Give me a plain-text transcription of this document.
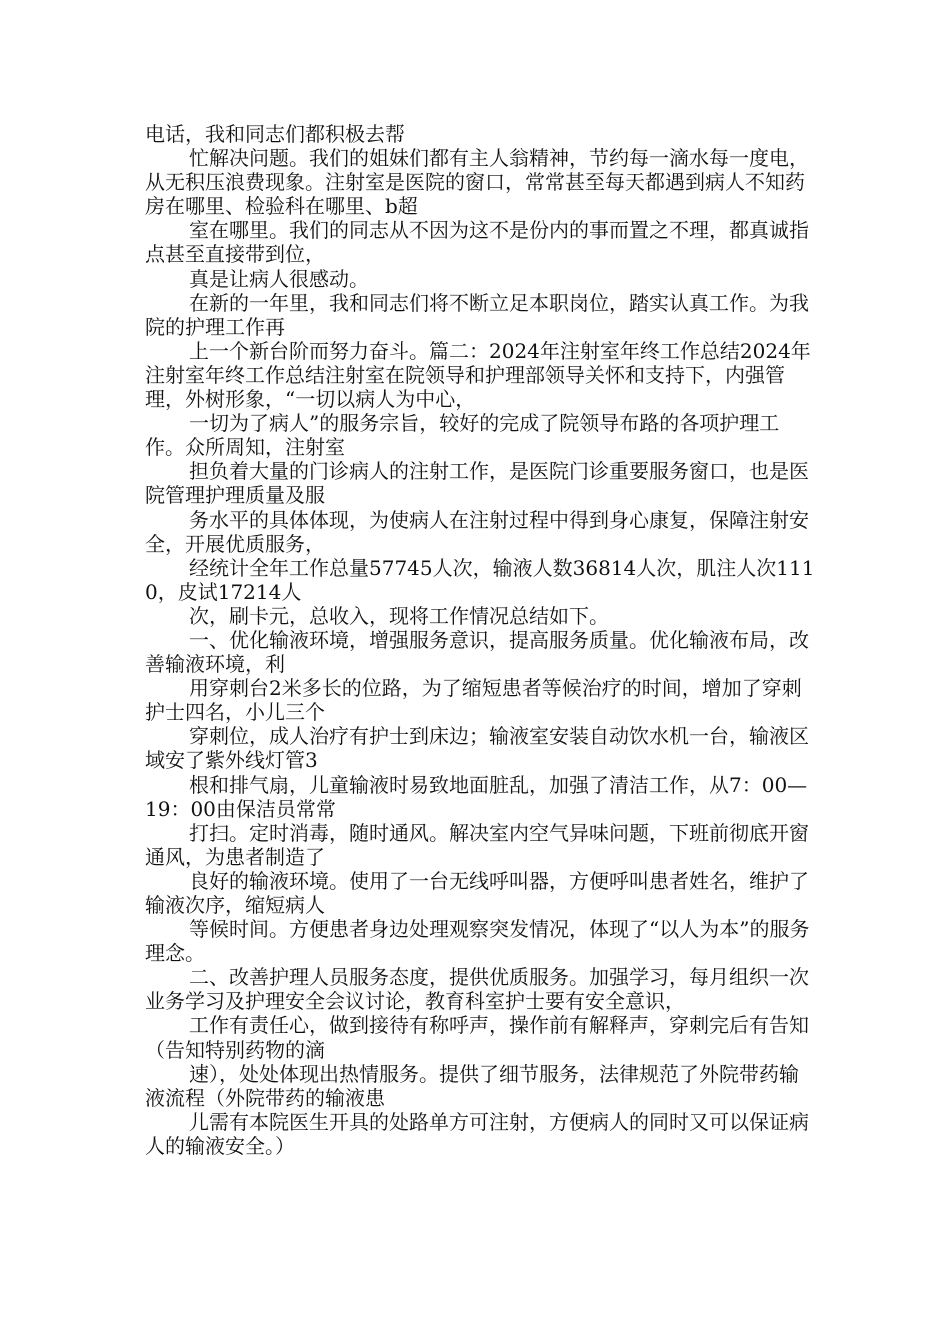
电话，我和同志们都积极去帮

忙解决问题。我们的姐妹们都有主人翁精神，节约每一滴水每一度电，从无积压浪费现象。注射室是医院的窗口，常常甚至每天都遇到病人不知药房在哪里、检验科在哪里、b超

室在哪里。我们的同志从不因为这不是份内的事而置之不理，都真诚指点甚至直接带到位，

真是让病人很感动。

在新的一年里，我和同志们将不断立足本职岗位，踏实认真工作。为我院的护理工作再

上一个新台阶而努力奋斗。篇二：2024年注射室年终工作总结2024年注射室年终工作总结注射室在院领导和护理部领导关怀和支持下，内强管理，外树形象，“一切以病人为中心，

一切为了病人”的服务宗旨，较好的完成了院领导布路的各项护理工作。众所周知，注射室

担负着大量的门诊病人的注射工作，是医院门诊重要服务窗口，也是医院管理护理质量及服

务水平的具体体现，为使病人在注射过程中得到身心康复，保障注射安全，开展优质服务，

经统计全年工作总量57745人次，输液人数36814人次，肌注人次1110，皮试17214人

次，刷卡元，总收入，现将工作情况总结如下。

一、优化输液环境，增强服务意识，提高服务质量。优化输液布局，改善输液环境，利

用穿刺台2米多长的位路，为了缩短患者等候治疗的时间，增加了穿刺护士四名，小儿三个

穿刺位，成人治疗有护士到床边；输液室安装自动饮水机一台，输液区域安了紫外线灯管3

根和排气扇，儿童输液时易致地面脏乱，加强了清洁工作，从7：00—19：00由保洁员常常

打扫。定时消毒，随时通风。解决室内空气异味问题，下班前彻底开窗通风，为患者制造了

良好的输液环境。使用了一台无线呼叫器，方便呼叫患者姓名，维护了输液次序，缩短病人

等候时间。方便患者身边处理观察突发情况，体现了“以人为本”的服务理念。

二、改善护理人员服务态度，提供优质服务。加强学习，每月组织一次业务学习及护理安全会议讨论，教育科室护士要有安全意识，

工作有责任心，做到接待有称呼声，操作前有解释声，穿刺完后有告知（告知特别药物的滴

速），处处体现出热情服务。提供了细节服务，法律规范了外院带药输液流程（外院带药的输液患

儿需有本院医生开具的处路单方可注射，方便病人的同时又可以保证病人的输液安全。）
